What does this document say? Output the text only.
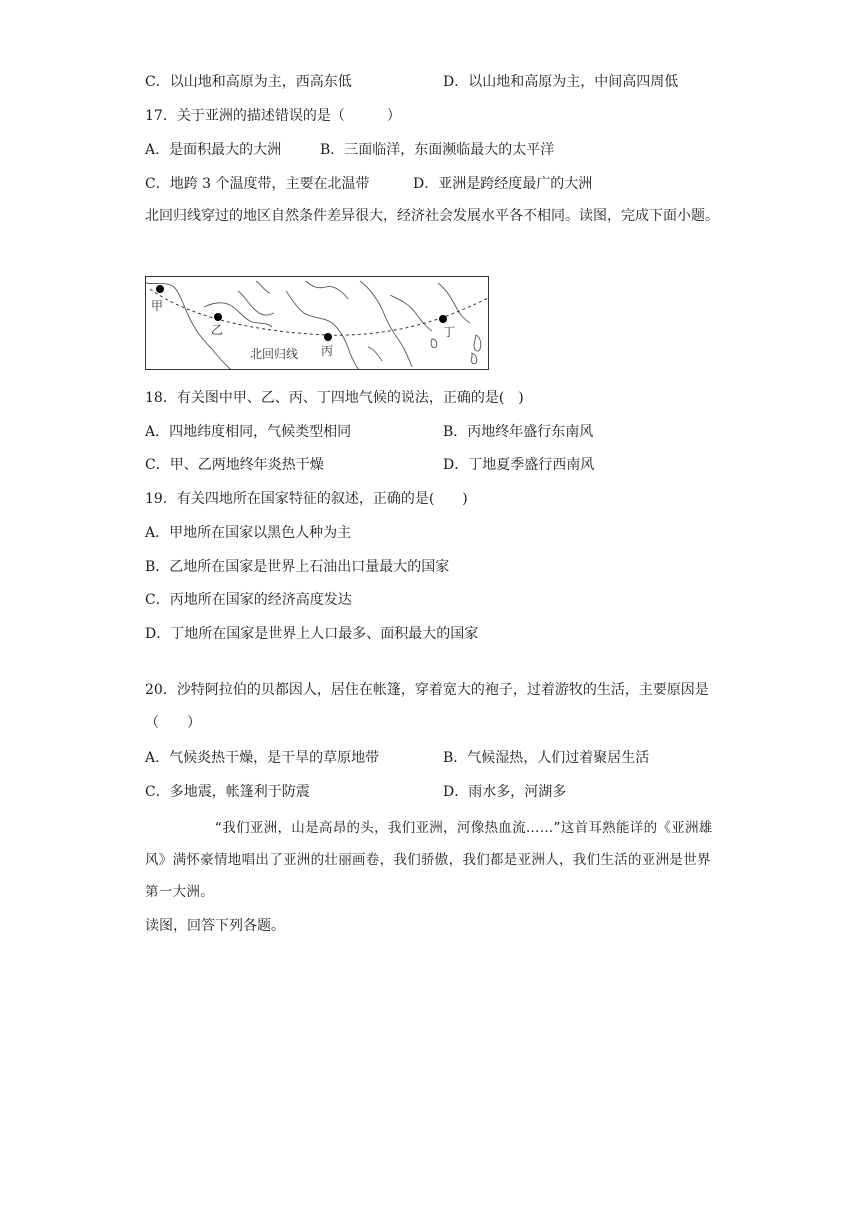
C．以山地和高原为主，西高东低	D．以山地和高原为主，中间高四周低
17．关于亚洲的描述错误的是（　　　）
A．是面积最大的大洲	B．三面临洋，东面濒临最大的太平洋
C．地跨 3 个温度带，主要在北温带	D．亚洲是跨经度最广的大洲
北回归线穿过的地区自然条件差异很大，经济社会发展水平各不相同。读图，完成下面小题。
甲
乙
丙
丁
北回归线
18．有关图中甲、乙、丙、丁四地气候的说法，正确的是(　)
A．四地纬度相同，气候类型相同	B．丙地终年盛行东南风
C．甲、乙两地终年炎热干燥	D．丁地夏季盛行西南风
19．有关四地所在国家特征的叙述，正确的是(　　)
A．甲地所在国家以黑色人种为主
B．乙地所在国家是世界上石油出口量最大的国家
C．丙地所在国家的经济高度发达
D．丁地所在国家是世界上人口最多、面积最大的国家
20．沙特阿拉伯的贝都因人，居住在帐篷，穿着宽大的袍子，过着游牧的生活，主要原因是（　　）
A．气候炎热干燥，是干旱的草原地带	B．气候湿热，人们过着聚居生活
C．多地震，帐篷利于防震	D．雨水多，河湖多
“我们亚洲，山是高昂的头，我们亚洲，河像热血流……”这首耳熟能详的《亚洲雄风》满怀豪情地唱出了亚洲的壮丽画卷，我们骄傲，我们都是亚洲人，我们生活的亚洲是世界第一大洲。
读图，回答下列各题。
